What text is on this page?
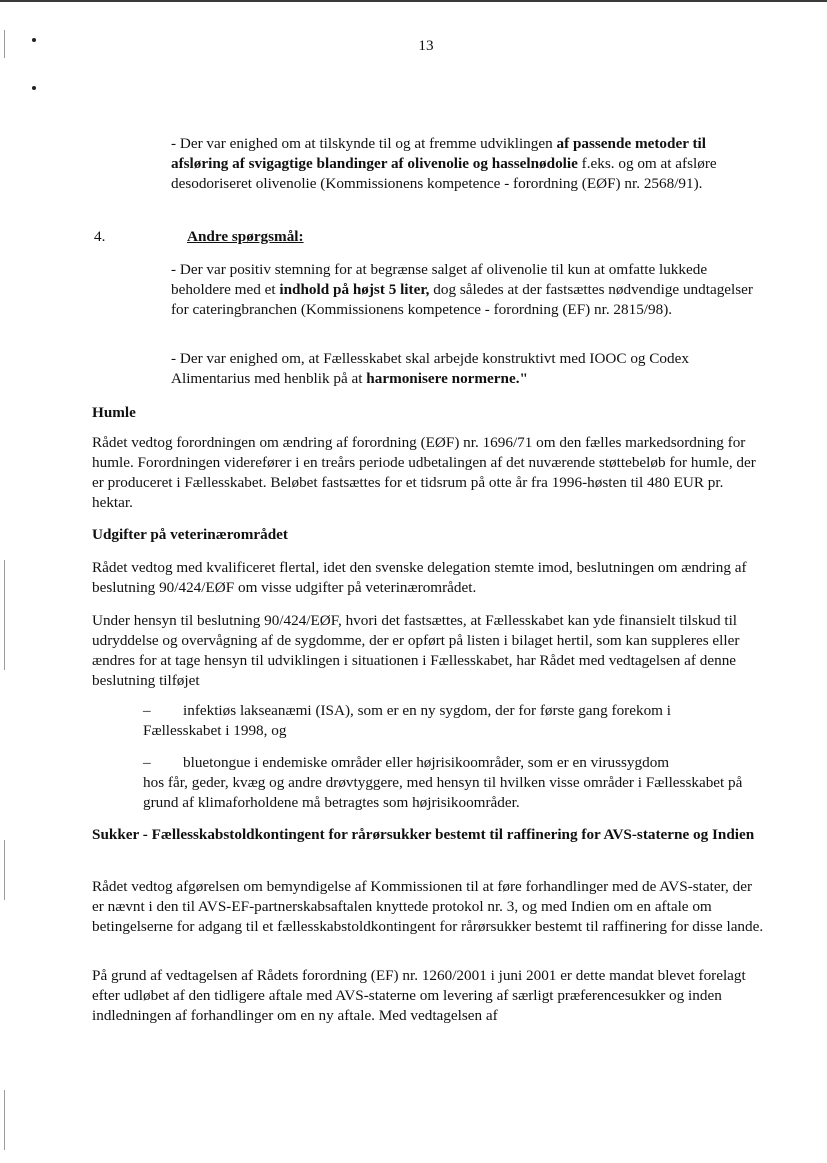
13

- Der var enighed om at tilskynde til og at fremme udviklingen af passende metoder til afsløring af svigagtige blandinger af olivenolie og hasselnødolie f.eks. og om at afsløre desodoriseret olivenolie (Kommissionens kompetence - forordning (EØF) nr. 2568/91).

4.	Andre spørgsmål:

- Der var positiv stemning for at begrænse salget af olivenolie til kun at omfatte lukkede beholdere med et indhold på højst 5 liter, dog således at der fastsættes nødvendige undtagelser for cateringbranchen (Kommissionens kompetence - forordning (EF) nr. 2815/98).

- Der var enighed om, at Fællesskabet skal arbejde konstruktivt med IOOC og Codex Alimentarius med henblik på at harmonisere normerne."

Humle

Rådet vedtog forordningen om ændring af forordning (EØF) nr. 1696/71 om den fælles markedsordning for humle. Forordningen viderefører i en treårs periode udbetalingen af det nuværende støttebeløb for humle, der er produceret i Fællesskabet. Beløbet fastsættes for et tidsrum på otte år fra 1996-høsten til 480 EUR pr. hektar.

Udgifter på veterinærområdet

Rådet vedtog med kvalificeret flertal, idet den svenske delegation stemte imod, beslutningen om ændring af beslutning 90/424/EØF om visse udgifter på veterinærområdet.

Under hensyn til beslutning 90/424/EØF, hvori det fastsættes, at Fællesskabet kan yde finansielt tilskud til udryddelse og overvågning af de sygdomme, der er opført på listen i bilaget hertil, som kan suppleres eller ændres for at tage hensyn til udviklingen i situationen i Fællesskabet, har Rådet med vedtagelsen af denne beslutning tilføjet

– infektiøs lakseanæmi (ISA), som er en ny sygdom, der for første gang forekom i
Fællesskabet i 1998, og
– bluetongue i endemiske områder eller højrisikoområder, som er en virussygdom
hos får, geder, kvæg og andre drøvtyggere, med hensyn til hvilken visse områder i Fællesskabet på grund af klimaforholdene må betragtes som højrisikoområder.
Sukker - Fællesskabstoldkontingent for rårørsukker bestemt til raffinering for AVS-staterne og Indien

Rådet vedtog afgørelsen om bemyndigelse af Kommissionen til at føre forhandlinger med de AVS-stater, der er nævnt i den til AVS-EF-partnerskabsaftalen knyttede protokol nr. 3, og med Indien om en aftale om betingelserne for adgang til et fællesskabstoldkontingent for rårørsukker bestemt til raffinering for disse lande.

På grund af vedtagelsen af Rådets forordning (EF) nr. 1260/2001 i juni 2001 er dette mandat blevet forelagt efter udløbet af den tidligere aftale med AVS-staterne om levering af særligt præferencesukker og inden indledningen af forhandlinger om en ny aftale. Med vedtagelsen af
